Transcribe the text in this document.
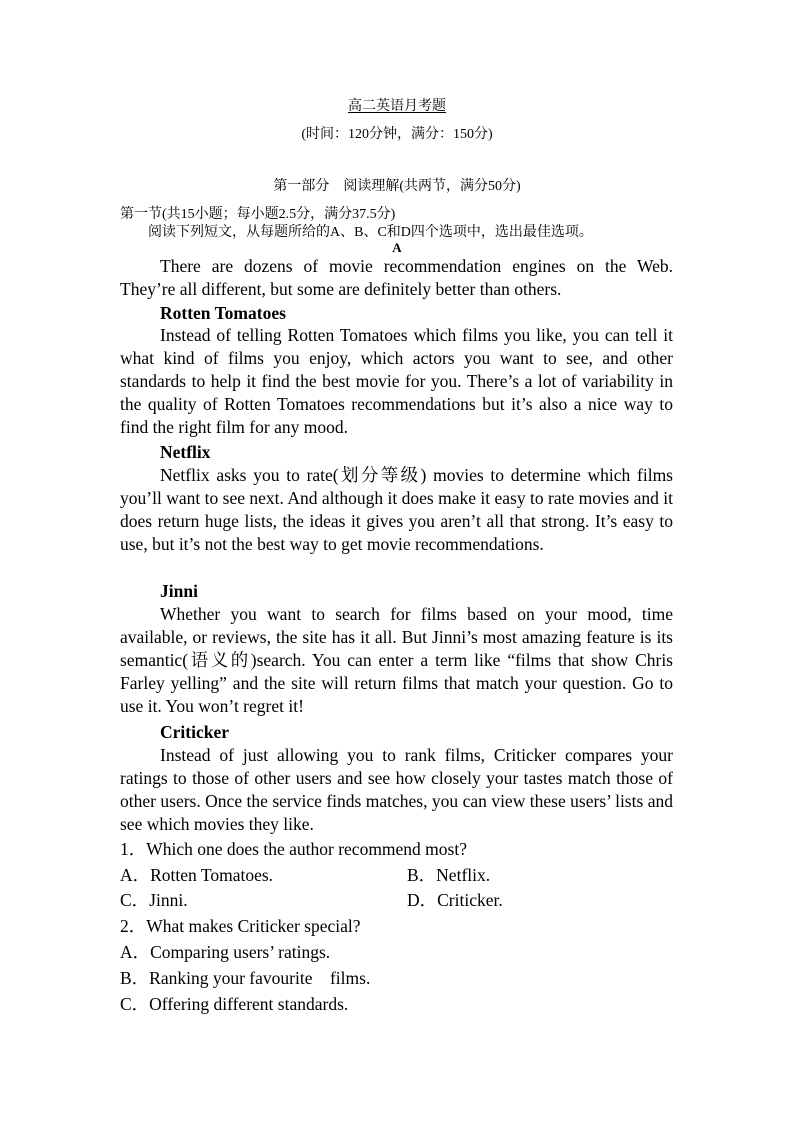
高二英语月考题
(时间：120分钟，满分：150分)
第一部分　阅读理解(共两节，满分50分)
第一节(共15小题；每小题2.5分，满分37.5分)
阅读下列短文，从每题所给的A、B、C和D四个选项中，选出最佳选项。
A

There are dozens of movie recommendation engines on the Web. They’re all different, but some are definitely better than others.

Rotten Tomatoes

Instead of telling Rotten Tomatoes which films you like, you can tell it what kind of films you enjoy, which actors you want to see, and other standards to help it find the best movie for you. There’s a lot of variability in the quality of Rotten Tomatoes recommendations but it’s also a nice way to find the right film for any mood.

Netflix

Netflix asks you to rate(划分等级) movies to determine which films you’ll want to see next. And although it does make it easy to rate movies and it does return huge lists, the ideas it gives you aren’t all that strong. It’s easy to use, but it’s not the best way to get movie recommendations.

Jinni

Whether you want to search for films based on your mood, time available, or reviews, the site has it all. But Jinni’s most amazing feature is its semantic(语义的)search. You can enter a term like “films that show Chris Farley yelling” and the site will return films that match your question. Go to use it. You won’t regret it!

Criticker

Instead of just allowing you to rank films, Criticker compares your ratings to those of other users and see how closely your tastes match those of other users. Once the service finds matches, you can view these users’ lists and see which movies they like.

1．Which one does the author recommend most?
A．Rotten Tomatoes.	B．Netflix.
C．Jinni.	D．Criticker.
2．What makes Criticker special?
A．Comparing users’ ratings.
B．Ranking your favourite　films.
C．Offering different standards.
